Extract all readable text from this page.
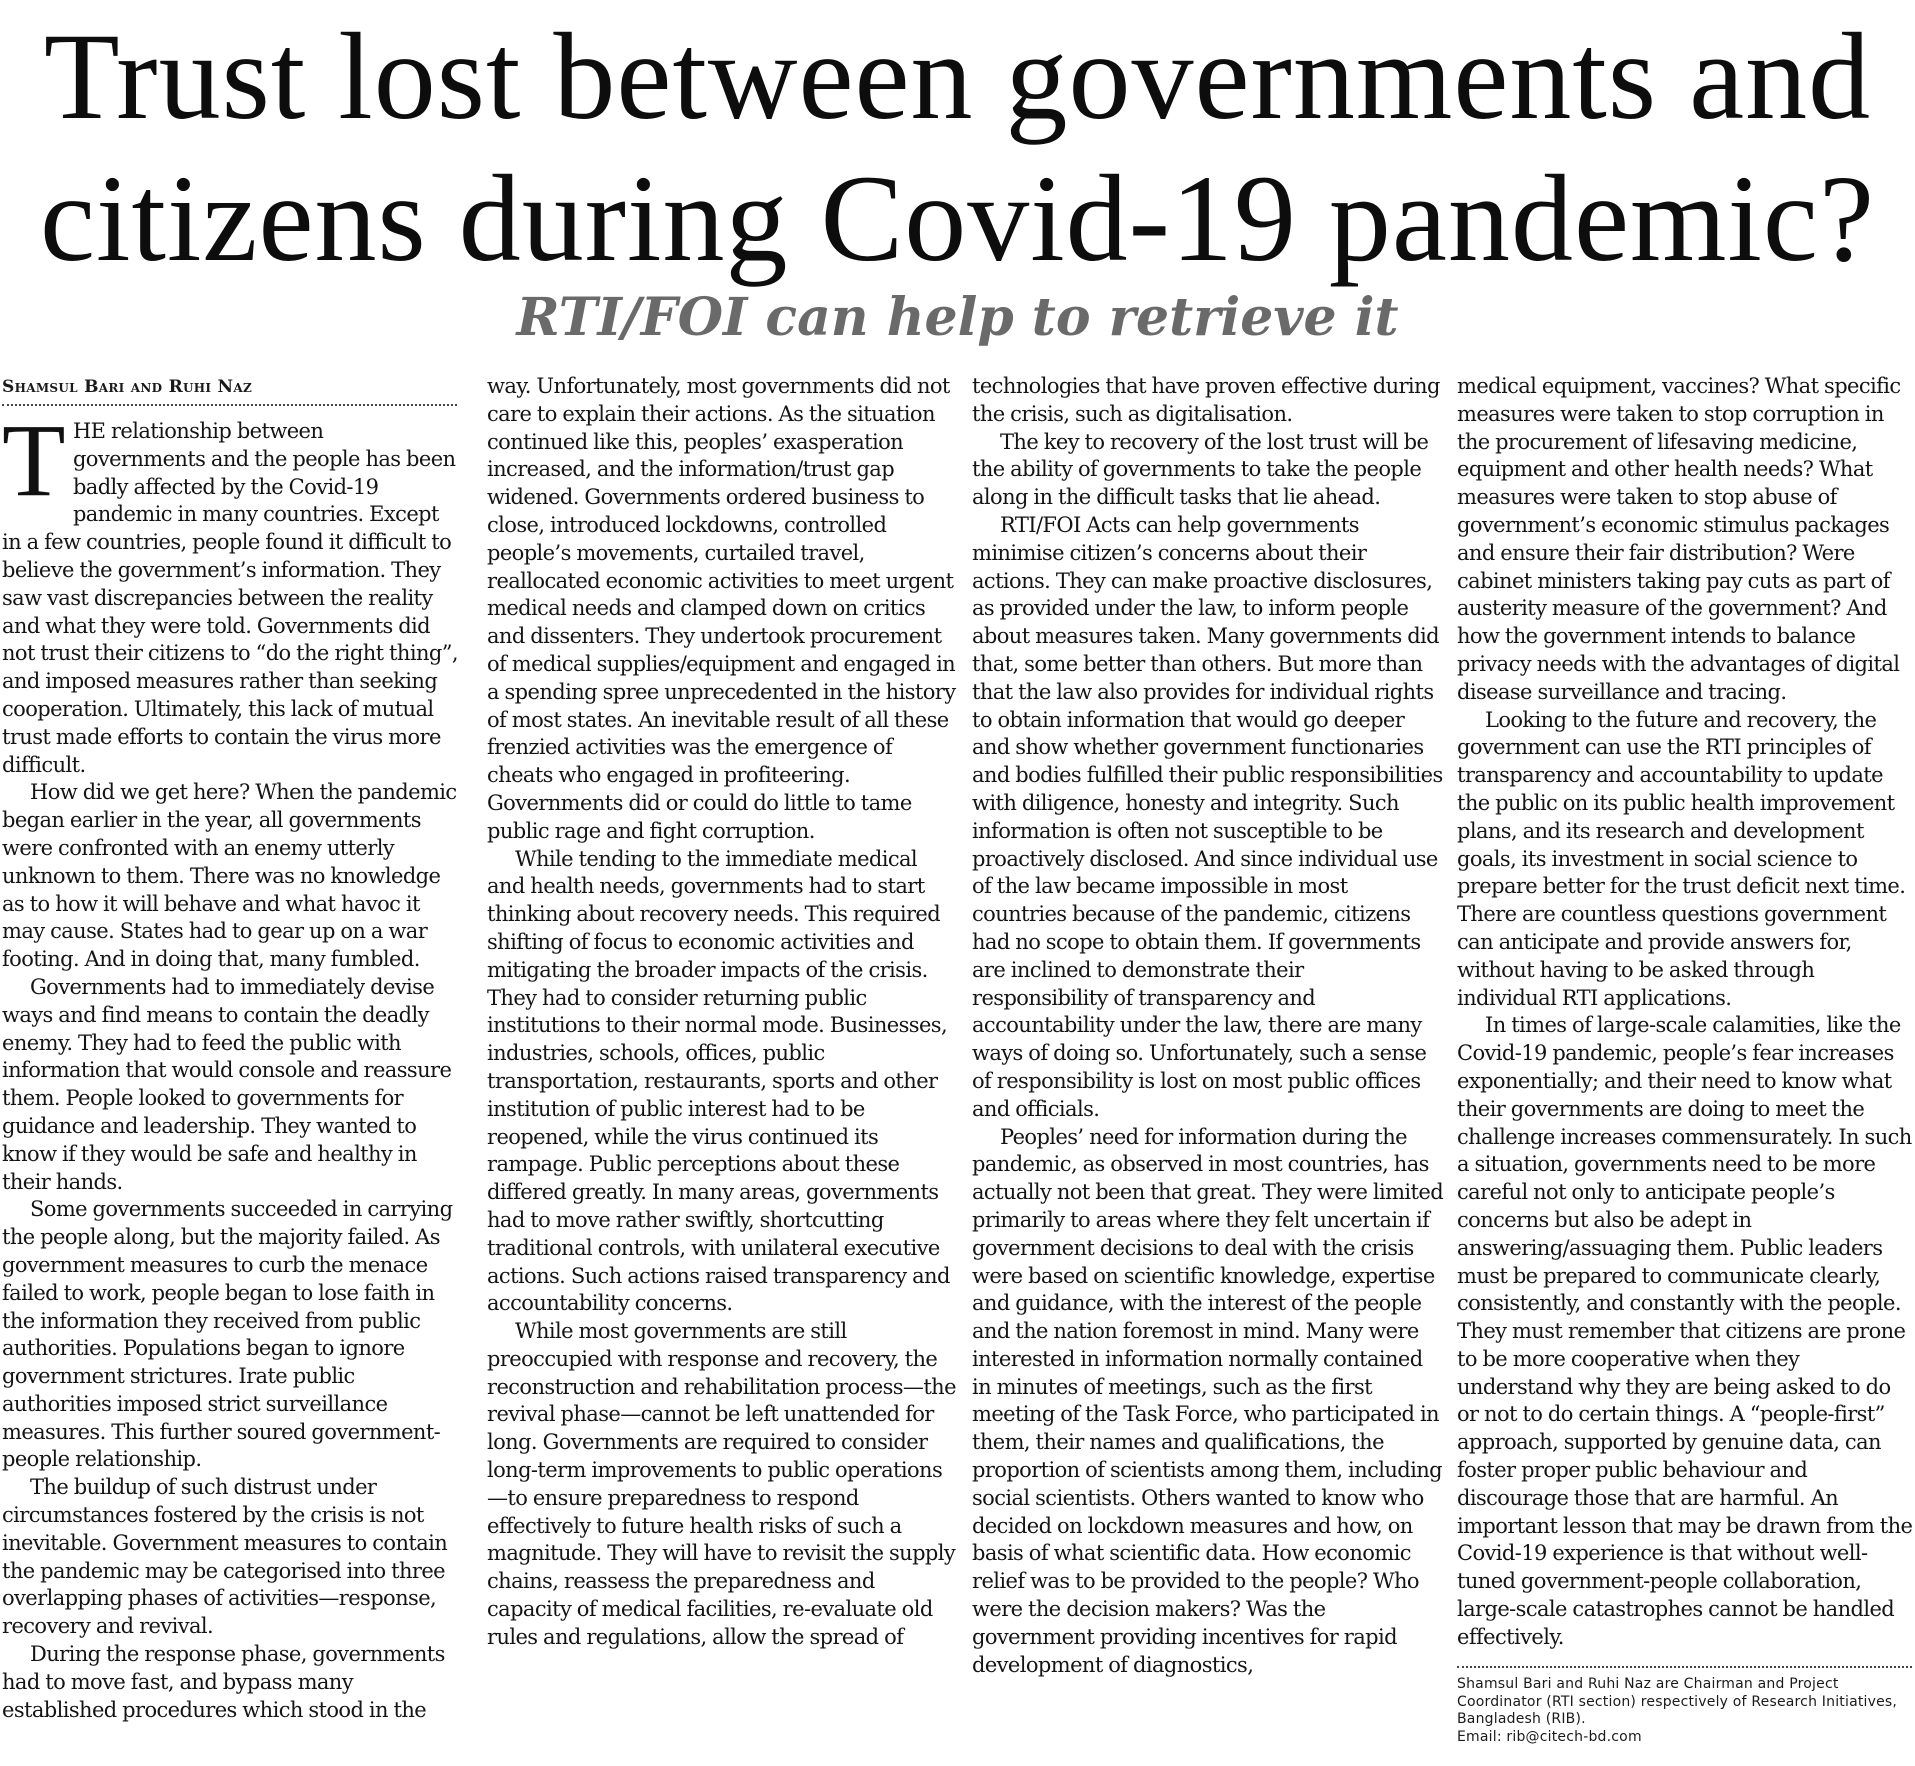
Trust lost between governments and
citizens during Covid-19 pandemic?
RTI/FOI can help to retrieve it
Shamsul Bari and Ruhi Naz

THE relationship between governments and the people has been badly affected by the Covid-19 pandemic in many countries. Except in a few countries, people found it difficult to believe the government’s information. They saw vast discrepancies between the reality and what they were told. Governments did not trust their citizens to “do the right thing”, and imposed measures rather than seeking cooperation. Ultimately, this lack of mutual trust made efforts to contain the virus more difficult.

How did we get here? When the pandemic began earlier in the year, all governments were confronted with an enemy utterly unknown to them. There was no knowledge as to how it will behave and what havoc it may cause. States had to gear up on a war footing. And in doing that, many fumbled.

Governments had to immediately devise ways and find means to contain the deadly enemy. They had to feed the public with information that would console and reassure them. People looked to governments for guidance and leadership. They wanted to know if they would be safe and healthy in their hands.

Some governments succeeded in carrying the people along, but the majority failed. As government measures to curb the menace failed to work, people began to lose faith in the information they received from public authorities. Populations began to ignore government strictures. Irate public authorities imposed strict surveillance measures. This further soured government-people relationship.

The buildup of such distrust under circumstances fostered by the crisis is not inevitable. Government measures to contain the pandemic may be categorised into three overlapping phases of activities—response, recovery and revival.

During the response phase, governments had to move fast, and bypass many established procedures which stood in the

way. Unfortunately, most governments did not care to explain their actions. As the situation continued like this, peoples’ exasperation increased, and the information/trust gap widened. Governments ordered business to close, introduced lockdowns, controlled people’s movements, curtailed travel, reallocated economic activities to meet urgent medical needs and clamped down on critics and dissenters. They undertook procurement of medical supplies/equipment and engaged in a spending spree unprecedented in the history of most states. An inevitable result of all these frenzied activities was the emergence of cheats who engaged in profiteering. Governments did or could do little to tame public rage and fight corruption.

While tending to the immediate medical and health needs, governments had to start thinking about recovery needs. This required shifting of focus to economic activities and mitigating the broader impacts of the crisis. They had to consider returning public institutions to their normal mode. Businesses, industries, schools, offices, public transportation, restaurants, sports and other institution of public interest had to be reopened, while the virus continued its rampage. Public perceptions about these differed greatly. In many areas, governments had to move rather swiftly, shortcutting traditional controls, with unilateral executive actions. Such actions raised transparency and accountability concerns.

While most governments are still preoccupied with response and recovery, the reconstruction and rehabilitation process—the revival phase—cannot be left unattended for long. Governments are required to consider long-term improvements to public operations—to ensure preparedness to respond effectively to future health risks of such a magnitude. They will have to revisit the supply chains, reassess the preparedness and capacity of medical facilities, re-evaluate old rules and regulations, allow the spread of

technologies that have proven effective during the crisis, such as digitalisation.

The key to recovery of the lost trust will be the ability of governments to take the people along in the difficult tasks that lie ahead.

RTI/FOI Acts can help governments minimise citizen’s concerns about their actions. They can make proactive disclosures, as provided under the law, to inform people about measures taken. Many governments did that, some better than others. But more than that the law also provides for individual rights to obtain information that would go deeper and show whether government functionaries and bodies fulfilled their public responsibilities with diligence, honesty and integrity. Such information is often not susceptible to be proactively disclosed. And since individual use of the law became impossible in most countries because of the pandemic, citizens had no scope to obtain them. If governments are inclined to demonstrate their responsibility of transparency and accountability under the law, there are many ways of doing so. Unfortunately, such a sense of responsibility is lost on most public offices and officials.

Peoples’ need for information during the pandemic, as observed in most countries, has actually not been that great. They were limited primarily to areas where they felt uncertain if government decisions to deal with the crisis were based on scientific knowledge, expertise and guidance, with the interest of the people and the nation foremost in mind. Many were interested in information normally contained in minutes of meetings, such as the first meeting of the Task Force, who participated in them, their names and qualifications, the proportion of scientists among them, including social scientists. Others wanted to know who decided on lockdown measures and how, on basis of what scientific data. How economic relief was to be provided to the people? Who were the decision makers? Was the government providing incentives for rapid development of diagnostics,

medical equipment, vaccines? What specific measures were taken to stop corruption in the procurement of lifesaving medicine, equipment and other health needs? What measures were taken to stop abuse of government’s economic stimulus packages and ensure their fair distribution? Were cabinet ministers taking pay cuts as part of austerity measure of the government? And how the government intends to balance privacy needs with the advantages of digital disease surveillance and tracing.

Looking to the future and recovery, the government can use the RTI principles of transparency and accountability to update the public on its public health improvement plans, and its research and development goals, its investment in social science to prepare better for the trust deficit next time. There are countless questions government can anticipate and provide answers for, without having to be asked through individual RTI applications.

In times of large-scale calamities, like the Covid-19 pandemic, people’s fear increases exponentially; and their need to know what their governments are doing to meet the challenge increases commensurately. In such a situation, governments need to be more careful not only to anticipate people’s concerns but also be adept in answering/assuaging them. Public leaders must be prepared to communicate clearly, consistently, and constantly with the people. They must remember that citizens are prone to be more cooperative when they understand why they are being asked to do or not to do certain things. A “people-first” approach, supported by genuine data, can foster proper public behaviour and discourage those that are harmful. An important lesson that may be drawn from the Covid-19 experience is that without well-tuned government-people collaboration, large-scale catastrophes cannot be handled effectively.

Shamsul Bari and Ruhi Naz are Chairman and Project Coordinator (RTI section) respectively of Research Initiatives, Bangladesh (RIB).
Email: rib@citech-bd.com
